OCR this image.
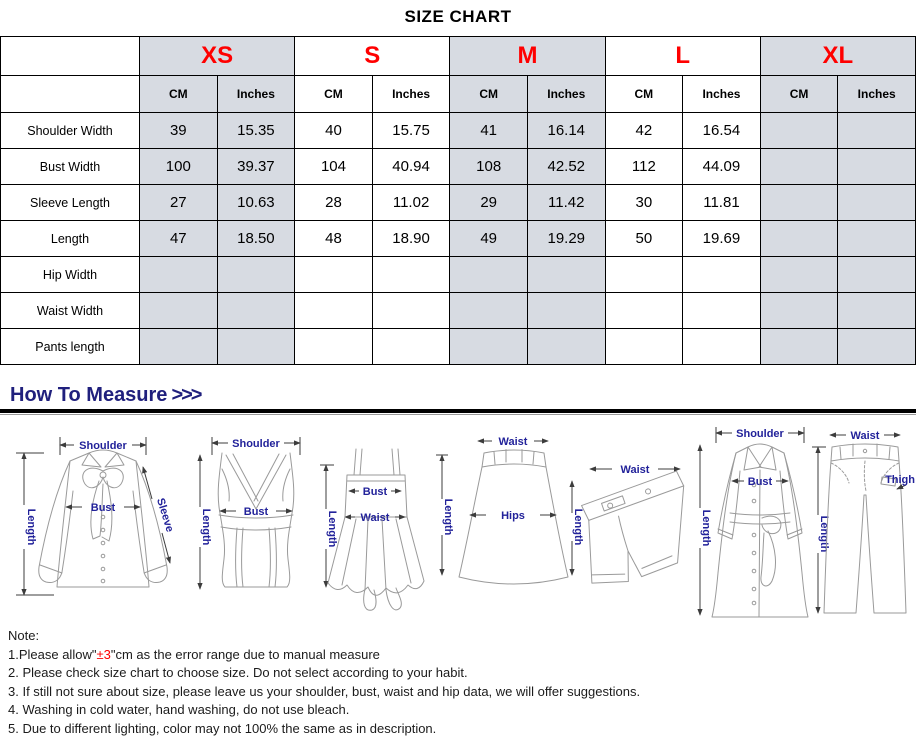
SIZE CHART
	XS		S		M		L		XL	
	CM	Inches	CM	Inches	CM	Inches	CM	Inches	CM	Inches
Shoulder Width	39	15.35	40	15.75	41	16.14	42	16.54		
Bust Width	100	39.37	104	40.94	108	42.52	112	44.09		
Sleeve Length	27	10.63	28	11.02	29	11.42	30	11.81		
Length	47	18.50	48	18.90	49	19.29	50	19.69		
Hip Width										
Waist Width										
Pants length										
How To Measure >>>
Length
Shoulder
Bust	Sleeve
Shoulder
Length	Bust	Length
Bust
Waist
Waist
Length	Hips
Waist
Length
Shoulder
Length
Bust
Waist
Length
Thigh
Note:
1.Please allow"±3"cm as the error range due to manual measure
2. Please check size chart to choose size. Do not select according to your habit.
3. If still not sure about size, please leave us your shoulder, bust, waist and hip data, we will offer suggestions.
4. Washing in cold water, hand washing, do not use bleach.
5. Due to different lighting, color may not 100% the same as in description.
